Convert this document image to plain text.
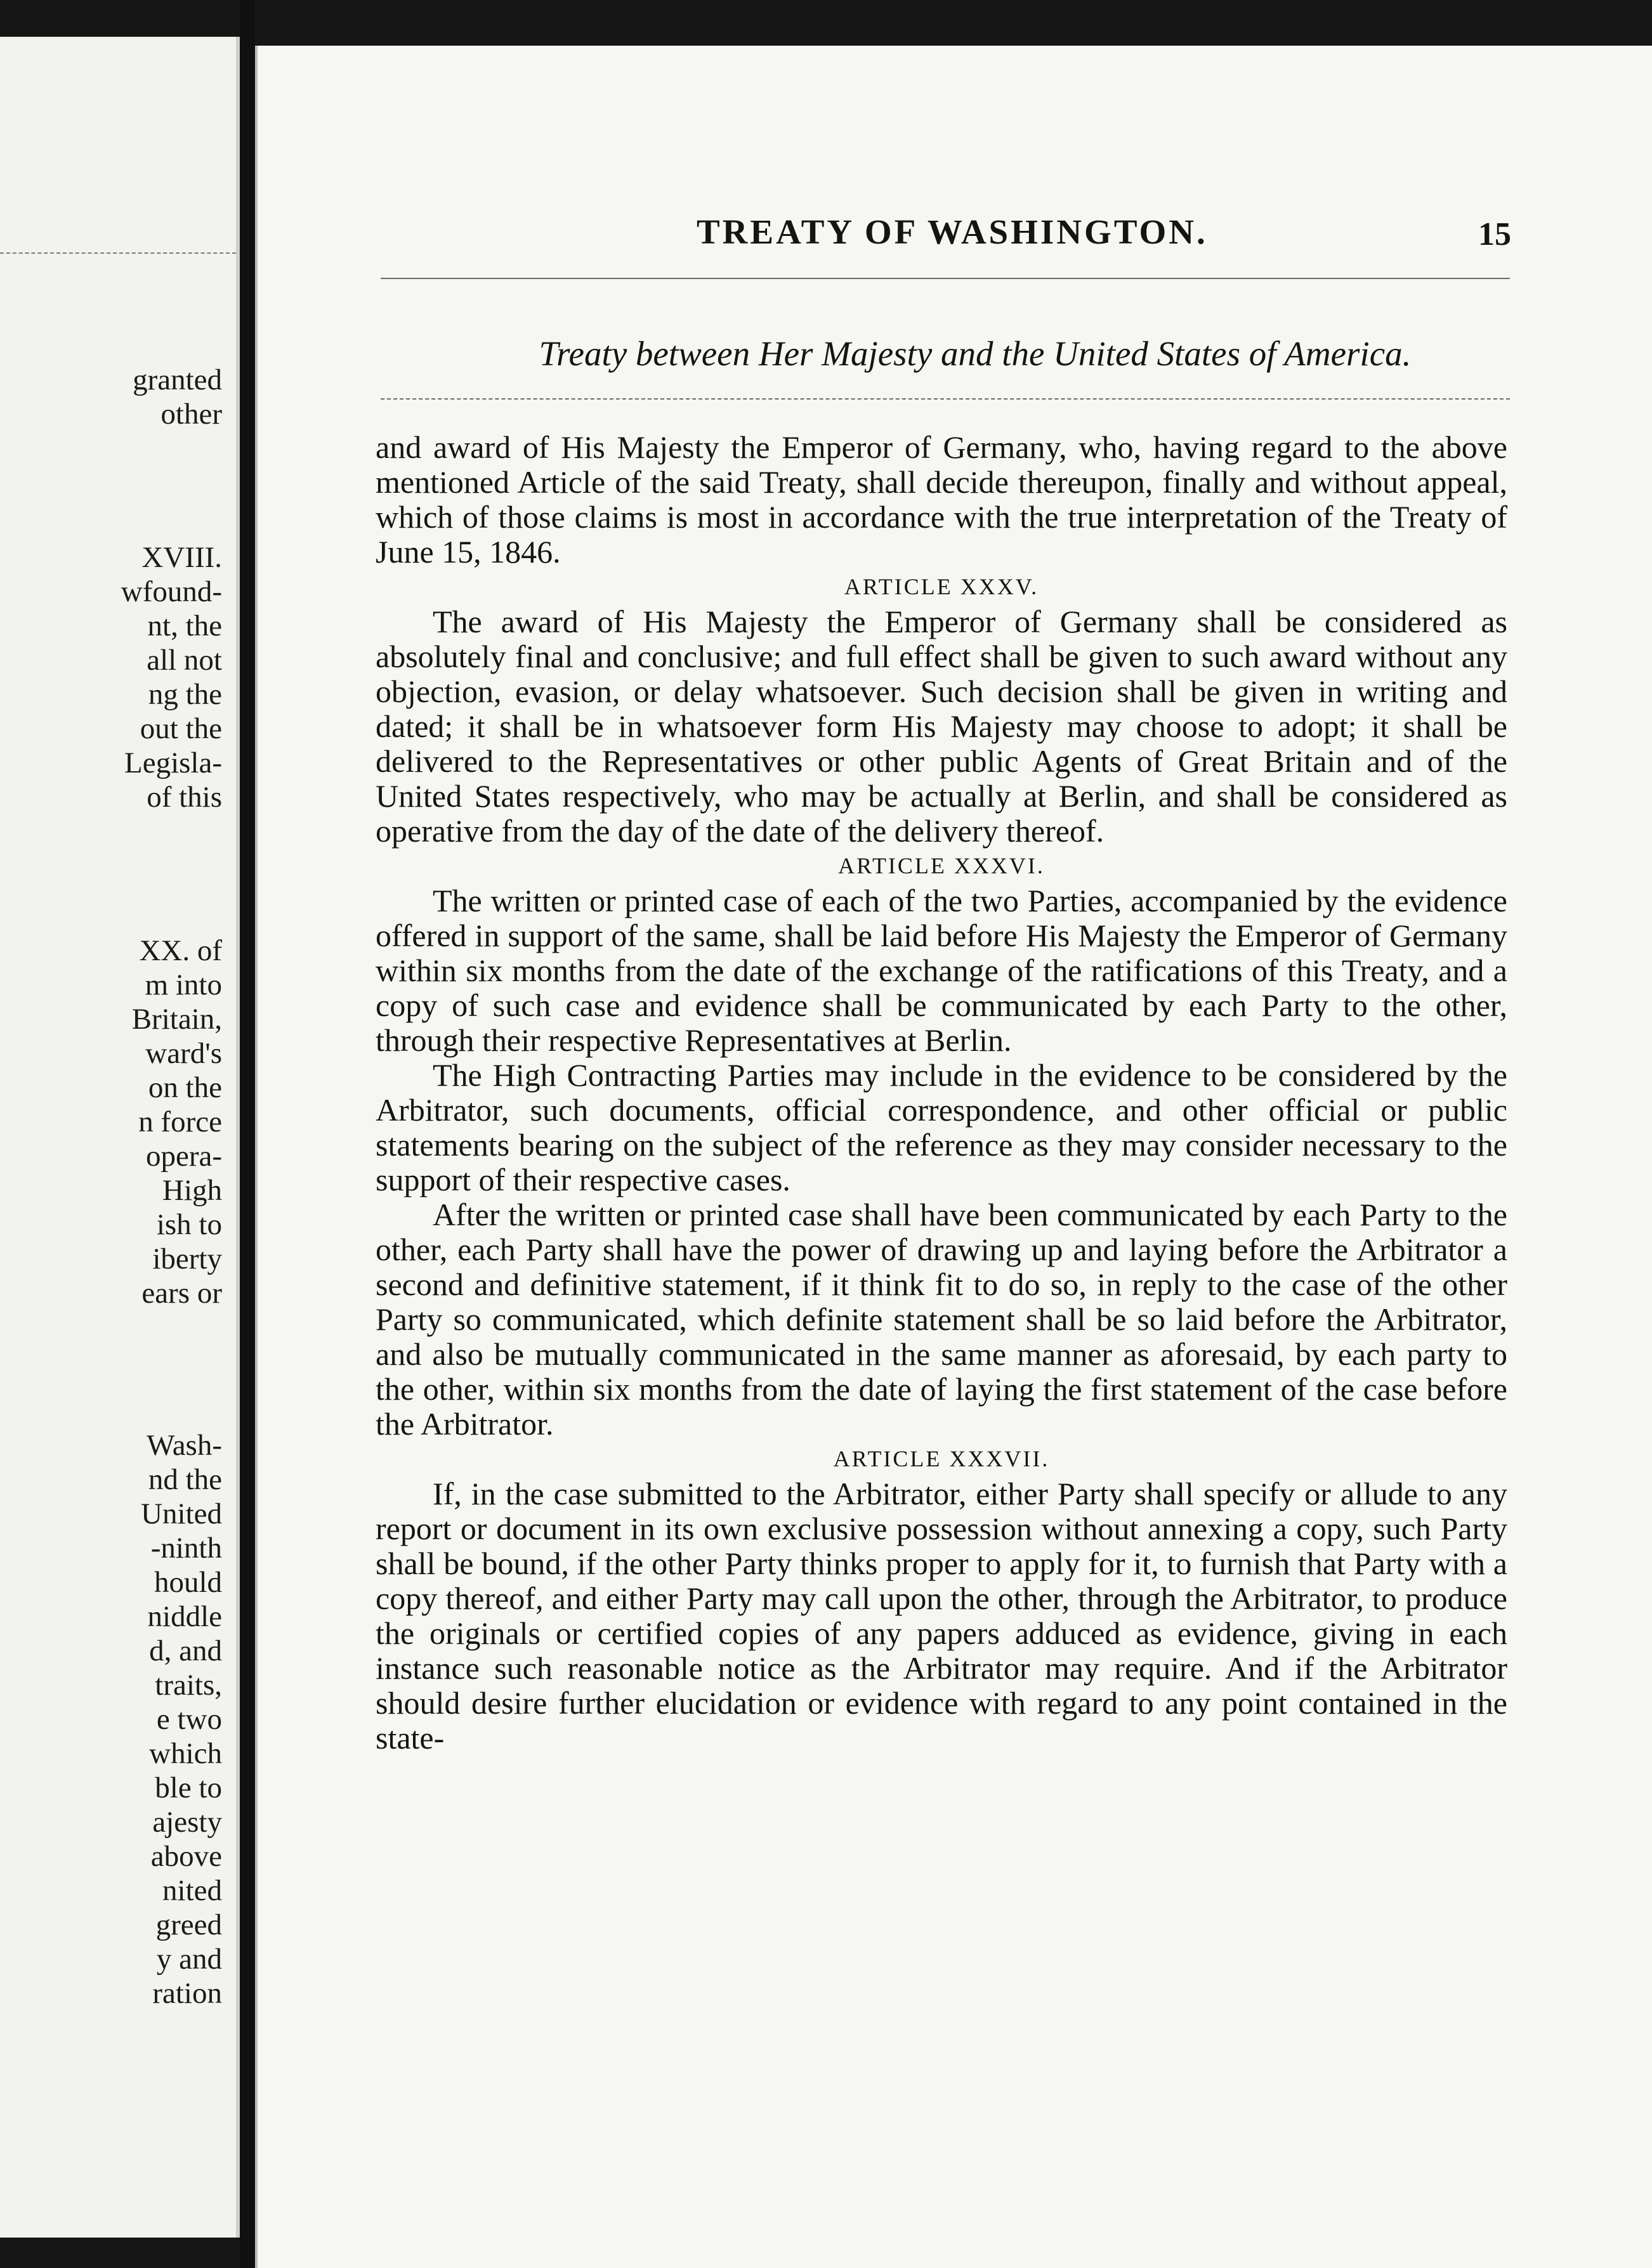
granted
other
XVIII.
wfound-
nt, the
all not
ng the
out the
Legisla-
of this
XX. of
m into
Britain,
ward's
on the
n force
opera-
High
ish to
iberty
ears or
Wash-
nd the
United
-ninth
hould
niddle
d, and
traits,
e two
which
ble to
ajesty
above
nited
greed
y and
ration
TREATY OF WASHINGTON.	15
Treaty between Her Majesty and the United States of America.

and award of His Majesty the Emperor of Germany, who, having regard to the above mentioned Article of the said Treaty, shall decide thereupon, finally and without appeal, which of those claims is most in accordance with the true interpretation of the Treaty of June 15, 1846.

ARTICLE XXXV.

The award of His Majesty the Emperor of Germany shall be considered as absolutely final and conclusive; and full effect shall be given to such award without any objection, evasion, or delay whatsoever. Such decision shall be given in writing and dated; it shall be in whatsoever form His Majesty may choose to adopt; it shall be delivered to the Representatives or other public Agents of Great Britain and of the United States respectively, who may be actually at Berlin, and shall be considered as operative from the day of the date of the delivery thereof.

ARTICLE XXXVI.

The written or printed case of each of the two Parties, accompanied by the evidence offered in support of the same, shall be laid before His Majesty the Emperor of Germany within six months from the date of the exchange of the ratifications of this Treaty, and a copy of such case and evidence shall be communicated by each Party to the other, through their respective Representatives at Berlin.

The High Contracting Parties may include in the evidence to be considered by the Arbitrator, such documents, official correspondence, and other official or public statements bearing on the subject of the reference as they may consider necessary to the support of their respective cases.

After the written or printed case shall have been communicated by each Party to the other, each Party shall have the power of drawing up and laying before the Arbitrator a second and definitive statement, if it think fit to do so, in reply to the case of the other Party so communicated, which definite statement shall be so laid before the Arbitrator, and also be mutually communicated in the same manner as aforesaid, by each party to the other, within six months from the date of laying the first statement of the case before the Arbitrator.

ARTICLE XXXVII.

If, in the case submitted to the Arbitrator, either Party shall specify or allude to any report or document in its own exclusive possession without annexing a copy, such Party shall be bound, if the other Party thinks proper to apply for it, to furnish that Party with a copy thereof, and either Party may call upon the other, through the Arbitrator, to produce the originals or certified copies of any papers adduced as evidence, giving in each instance such reasonable notice as the Arbitrator may require. And if the Arbitrator should desire further elucidation or evidence with regard to any point contained in the state-
